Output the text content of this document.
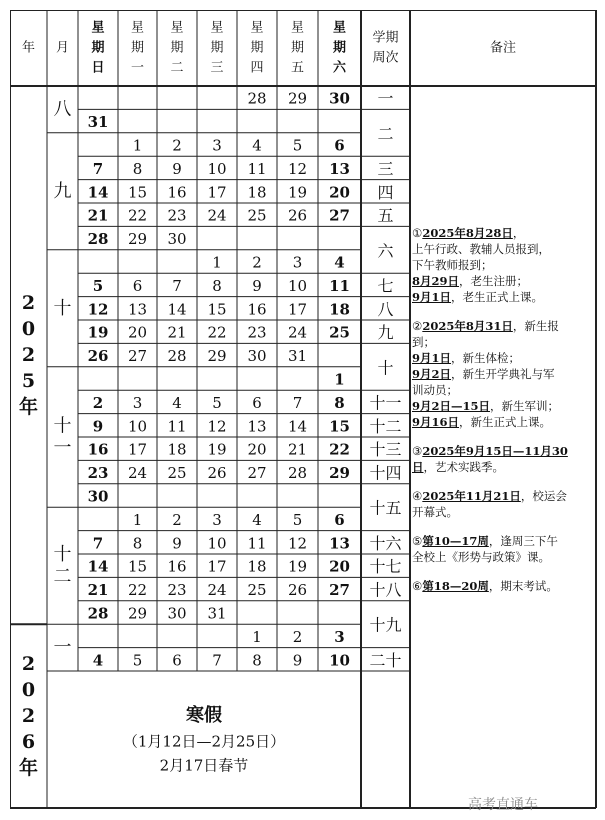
年 月
星
期
日
星
期
一
星
期
二
星
期
三
星
期
四
星
期
五
星
期
六
学期
周次
备注
28 29 30
31
1 2 3 4 5 6
7 8 9 10 11 12 13
14 15 16 17 18 19 20
21 22 23 24 25 26 27
28 29 30
1 2 3 4
5 6 7 8 9 10 11
12 13 14 15 16 17 18
19 20 21 22 23 24 25
26 27 28 29 30 31
1
2 3 4 5 6 7 8
9 10 11 12 13 14 15
16 17 18 19 20 21 22
23 24 25 26 27 28 29
30
1 2 3 4 5 6
7 8 9 10 11 12 13
14 15 16 17 18 19 20
21 22 23 24 25 26 27
28 29 30 31
1 2 3
4 5 6 7 8 9 10
八
九
十
十
一
十
二
一
2
0
2
5
年
2
0
2
6
年
一
二
三
四
五
六
七
八
九
十
十一
十二
十三
十四
十五
十六
十七
十八
十九
二十
寒假
（1月12日—2月25日）
2月17日春节
①2025年8月28日，
上午行政、教辅人员报到，
下午教师报到；
8月29日，老生注册；
9月1日，老生正式上课。
②2025年8月31日，新生报
到；
9月1日，新生体检；
9月2日，新生开学典礼与军
训动员；
9月2日—15日，新生军训；
9月16日，新生正式上课。
③2025年9月15日—11月30
日，艺术实践季。
④2025年11月21日，校运会
开幕式。
⑤第10—17周，逢周三下午
全校上《形势与政策》课。
⑥第18—20周，期末考试。
高考直通车
